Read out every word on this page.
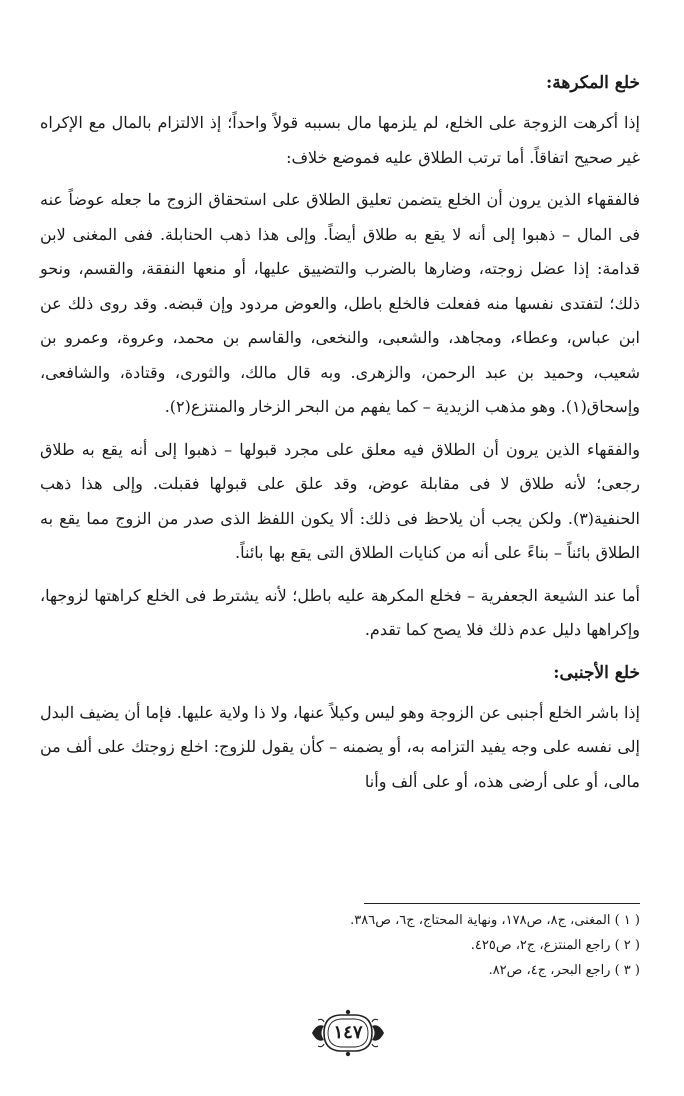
خلع المكرهة:

إذا أكرهت الزوجة على الخلع، لم يلزمها مال بسببه قولاً واحداً؛ إذ الالتزام بالمال مع الإكراه غير صحيح اتفاقاً. أما ترتب الطلاق عليه فموضع خلاف:

فالفقهاء الذين يرون أن الخلع يتضمن تعليق الطلاق على استحقاق الزوج ما جعله عوضاً عنه فى المال – ذهبوا إلى أنه لا يقع به طلاق أيضاً. وإلى هذا ذهب الحنابلة. ففى المغنى لابن قدامة: إذا عضل زوجته، وضارها بالضرب والتضييق عليها، أو منعها النفقة، والقسم، ونحو ذلك؛ لتفتدى نفسها منه ففعلت فالخلع باطل، والعوض مردود وإن قبضه. وقد روى ذلك عن ابن عباس، وعطاء، ومجاهد، والشعبى، والنخعى، والقاسم بن محمد، وعروة، وعمرو بن شعيب، وحميد بن عبد الرحمن، والزهرى. وبه قال مالك، والثورى، وقتادة، والشافعى، وإسحاق(١). وهو مذهب الزيدية – كما يفهم من البحر الزخار والمنتزع(٢).

والفقهاء الذين يرون أن الطلاق فيه معلق على مجرد قبولها – ذهبوا إلى أنه يقع به طلاق رجعى؛ لأنه طلاق لا فى مقابلة عوض، وقد علق على قبولها فقبلت. وإلى هذا ذهب الحنفية(٣). ولكن يجب أن يلاحظ فى ذلك: ألا يكون اللفظ الذى صدر من الزوج مما يقع به الطلاق بائناً – بناءً على أنه من كنايات الطلاق التى يقع بها بائناً.

أما عند الشيعة الجعفرية – فخلع المكرهة عليه باطل؛ لأنه يشترط فى الخلع كراهتها لزوجها، وإكراهها دليل عدم ذلك فلا يصح كما تقدم.

خلع الأجنبى:

إذا باشر الخلع أجنبى عن الزوجة وهو ليس وكيلاً عنها، ولا ذا ولاية عليها. فإما أن يضيف البدل إلى نفسه على وجه يفيد التزامه به، أو يضمنه – كأن يقول للزوج: اخلع زوجتك على ألف من مالى، أو على أرضى هذه، أو على ألف وأنا

( ١ ) المغنى، ج٨، ص١٧٨، ونهاية المحتاج، ج٦، ص٣٨٦.
( ٢ ) راجع المنتزع، ج٢، ص٤٢٥.
( ٣ ) راجع البحر، ج٤، ص٨٢.
١٤٧
